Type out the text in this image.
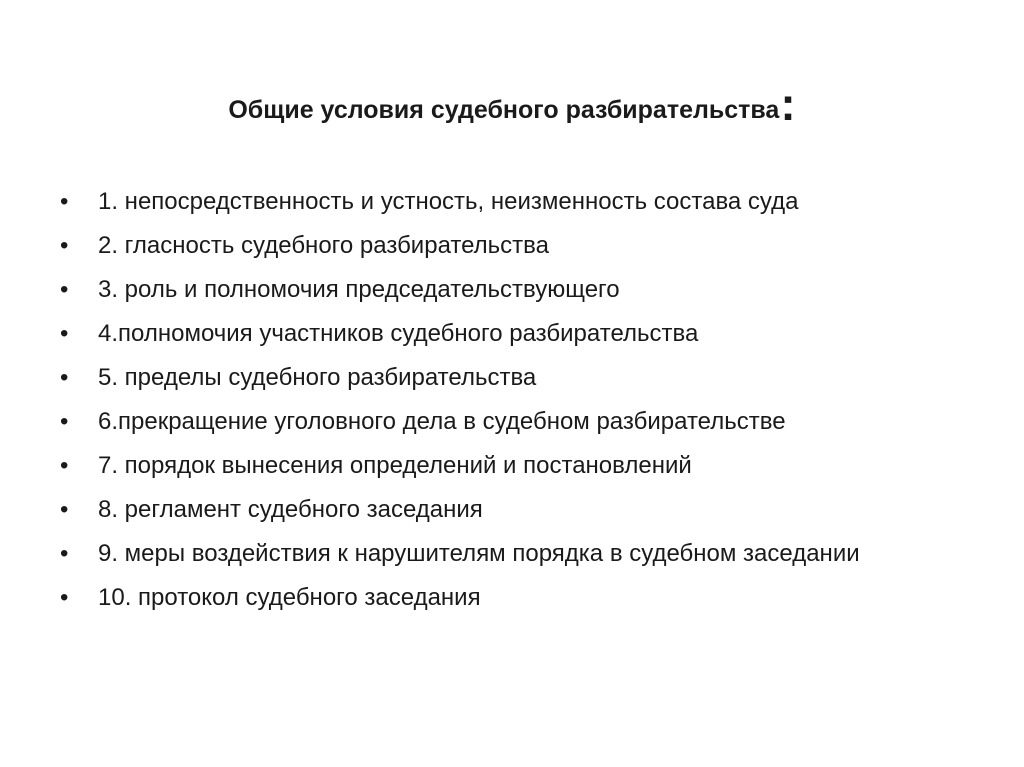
Общие условия судебного разбирательства:
•	1. непосредственность и устность, неизменность состава суда
•	2. гласность судебного разбирательства
•	3. роль и полномочия председательствующего
•	4.полномочия участников судебного разбирательства
•	5. пределы судебного разбирательства
•	6.прекращение уголовного дела в судебном разбирательстве
•	7. порядок вынесения определений и постановлений
•	8. регламент судебного заседания
•	9. меры воздействия к нарушителям порядка в судебном заседании
•	10. протокол судебного заседания
